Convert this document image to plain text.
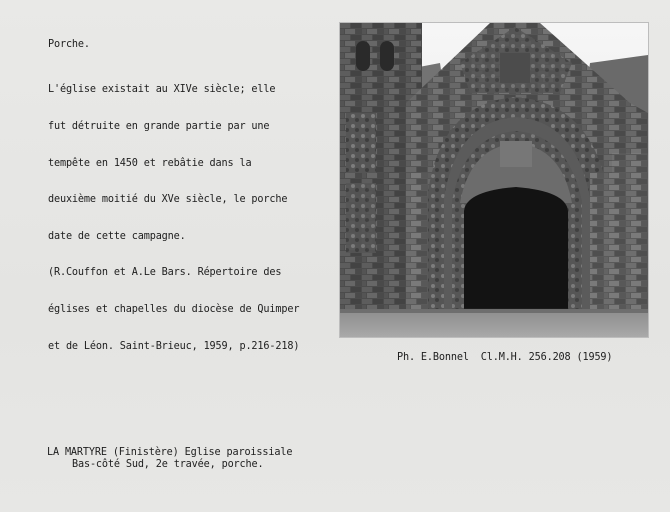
Porche.

L'église existait au XIVe siècle; elle

fut détruite en grande partie par une

tempête en 1450 et rebâtie dans la

deuxième moitié du XVe siècle, le porche

date de cette campagne.

(R.Couffon et A.Le Bars. Répertoire des

églises et chapelles du diocèse de Quimper

et de Léon. Saint-Brieuc, 1959, p.216-218)

Ph. E.Bonnel  Cl.M.H. 256.208 (1959)
LA MARTYRE (Finistère) Eglise paroissiale
Bas-côté Sud, 2e travée, porche.
